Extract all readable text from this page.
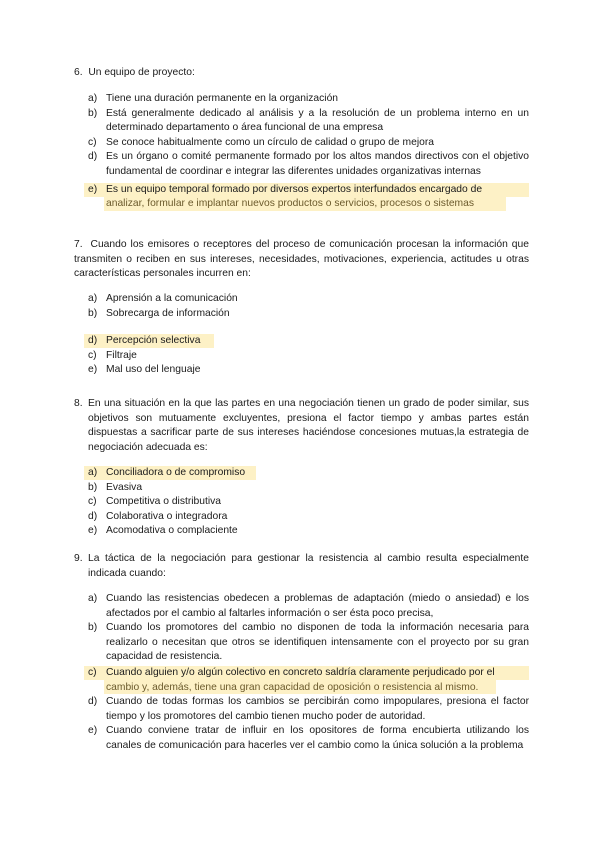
6. Un equipo de proyecto:
a) Tiene una duración permanente en la organización
b) Está generalmente dedicado al análisis y a la resolución de un problema interno en un determinado departamento o área funcional de una empresa
c) Se conoce habitualmente como un círculo de calidad o grupo de mejora
d) Es un órgano o comité permanente formado por los altos mandos directivos con el objetivo fundamental de coordinar e integrar las diferentes unidades organizativas internas
e) Es un equipo temporal formado por diversos expertos interfundados encargado de
analizar, formular e implantar nuevos productos o servicios, procesos o sistemas
7. Cuando los emisores o receptores del proceso de comunicación procesan la información que transmiten o reciben en sus intereses, necesidades, motivaciones, experiencia, actitudes u otras características personales incurren en:
a) Aprensión a la comunicación
b) Sobrecarga de información
d) Percepción selectiva
c) Filtraje
e) Mal uso del lenguaje
8. En una situación en la que las partes en una negociación tienen un grado de poder similar, sus objetivos son mutuamente excluyentes, presiona el factor tiempo y ambas partes están dispuestas a sacrificar parte de sus intereses haciéndose concesiones mutuas,la estrategia de negociación adecuada es:
a) Conciliadora o de compromiso
b) Evasiva
c) Competitiva o distributiva
d) Colaborativa o integradora
e) Acomodativa o complaciente
9. La táctica de la negociación para gestionar la resistencia al cambio resulta especialmente indicada cuando:
a) Cuando las resistencias obedecen a problemas de adaptación (miedo o ansiedad) e los afectados por el cambio al faltarles información o ser ésta poco precisa,
b) Cuando los promotores del cambio no disponen de toda la información necesaria para realizarlo o necesitan que otros se identifiquen intensamente con el proyecto por su gran capacidad de resistencia.
c) Cuando alguien y/o algún colectivo en concreto saldría claramente perjudicado por el
cambio y, además, tiene una gran capacidad de oposición o resistencia al mismo.
d) Cuando de todas formas los cambios se percibirán como impopulares, presiona el factor tiempo y los promotores del cambio tienen mucho poder de autoridad.
e) Cuando conviene tratar de influir en los opositores de forma encubierta utilizando los canales de comunicación para hacerles ver el cambio como la única solución a la problema
